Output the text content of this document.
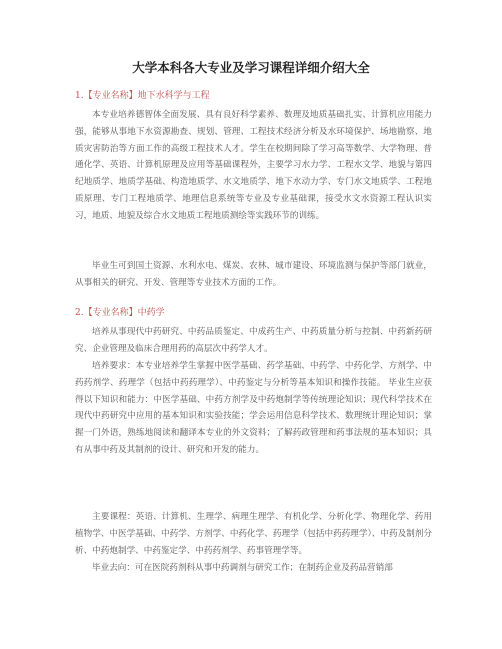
大学本科各大专业及学习课程详细介绍大全
1.【专业名称】地下水科学与工程

本专业培养德智体全面发展、具有良好科学素养、数理及地质基础扎实、计算机应用能力强，能够从事地下水资源勘查、规划、管理、工程技术经济分析及水环境保护、场地勘察、地质灾害防治等方面工作的高级工程技术人才。学生在校期间除了学习高等数学、大学物理、普通化学、英语、计算机原理及应用等基础课程外，主要学习水力学、工程水文学、地貌与第四纪地质学、地质学基础、构造地质学、水文地质学、地下水动力学、专门水文地质学、工程地质原理、专门工程地质学、地理信息系统等专业及专业基础课，接受水文水资源工程认识实习，地质、地貌及综合水文地质工程地质测绘等实践环节的训练。

毕业生可到国土资源、水利水电、煤炭、农林、城市建设、环境监测与保护等部门就业，从事相关的研究、开发、管理等专业技术方面的工作。

2.【专业名称】中药学

培养从事现代中药研究、中药品质鉴定、中成药生产、中药质量分析与控制、中药新药研究、企业管理及临床合理用药的高层次中药学人才。

培养要求：本专业培养学生掌握中医学基础、药学基础、中药学、中药化学、方剂学、中药药剂学、药理学（包括中药药理学）、中药鉴定与分析等基本知识和操作技能。 毕业生应获得以下知识和能力：中医学基础、中药方剂学及中药炮制学等传统理论知识；现代科学技术在现代中药研究中应用的基本知识和实验技能；学会运用信息科学技术、数理统计理论知识；掌握一门外语，熟练地阅读和翻译本专业的外文资料；了解药政管理和药事法规的基本知识；具有从事中药及其制剂的设计、研究和开发的能力。

主要课程：英语、计算机、生理学、病理生理学、有机化学、分析化学、物理化学、药用植物学、中医学基础、中药学、方剂学、中药化学、药理学（包括中药药理学）、中药及制剂分析、中药炮制学、中药鉴定学、中药药剂学、药事管理学等。

毕业去向：可在医院药剂科从事中药调剂与研究工作；在制药企业及药品营销部
